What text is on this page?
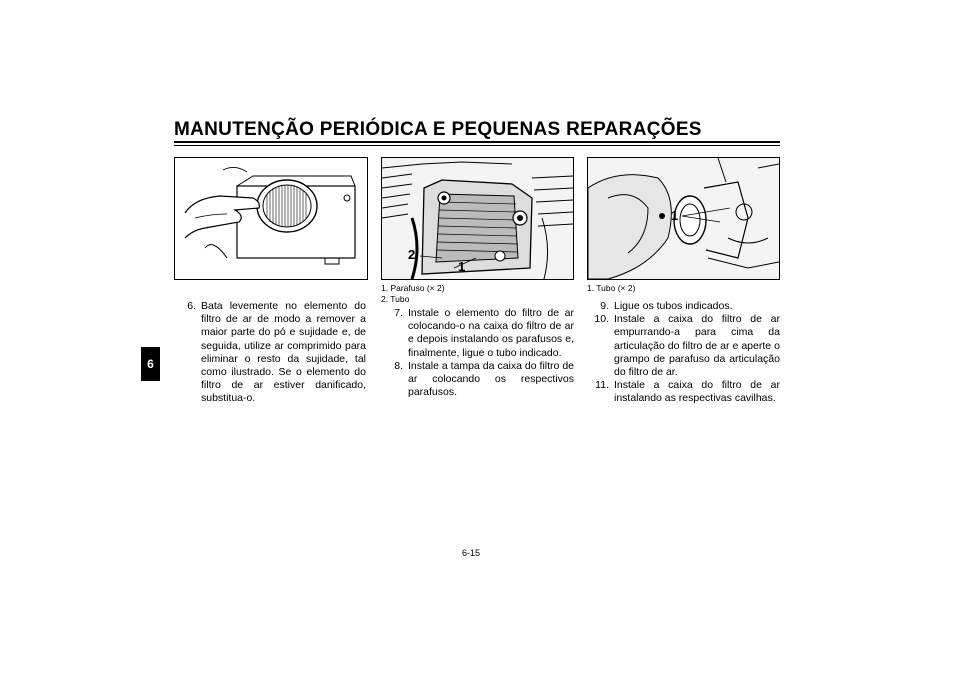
MANUTENÇÃO PERIÓDICA E PEQUENAS REPARAÇÕES
6
2
1
1. Parafuso (× 2)
2. Tubo
1
1. Tubo (× 2)
6. Bata levemente no elemento do filtro de ar de modo a remover a maior parte do pó e sujidade e, de seguida, utilize ar comprimido para eliminar o resto da sujidade, tal como ilustrado. Se o elemento do filtro de ar estiver danificado, substitua-o.
7. Instale o elemento do filtro de ar colocando-o na caixa do filtro de ar e depois instalando os parafusos e, finalmente, ligue o tubo indicado.
8. Instale a tampa da caixa do filtro de ar colocando os respectivos parafusos.
9. Ligue os tubos indicados.
10. Instale a caixa do filtro de ar empurrando-a para cima da articulação do filtro de ar e aperte o grampo de parafuso da articulação do filtro de ar.
11. Instale a caixa do filtro de ar instalando as respectivas cavilhas.
6-15
